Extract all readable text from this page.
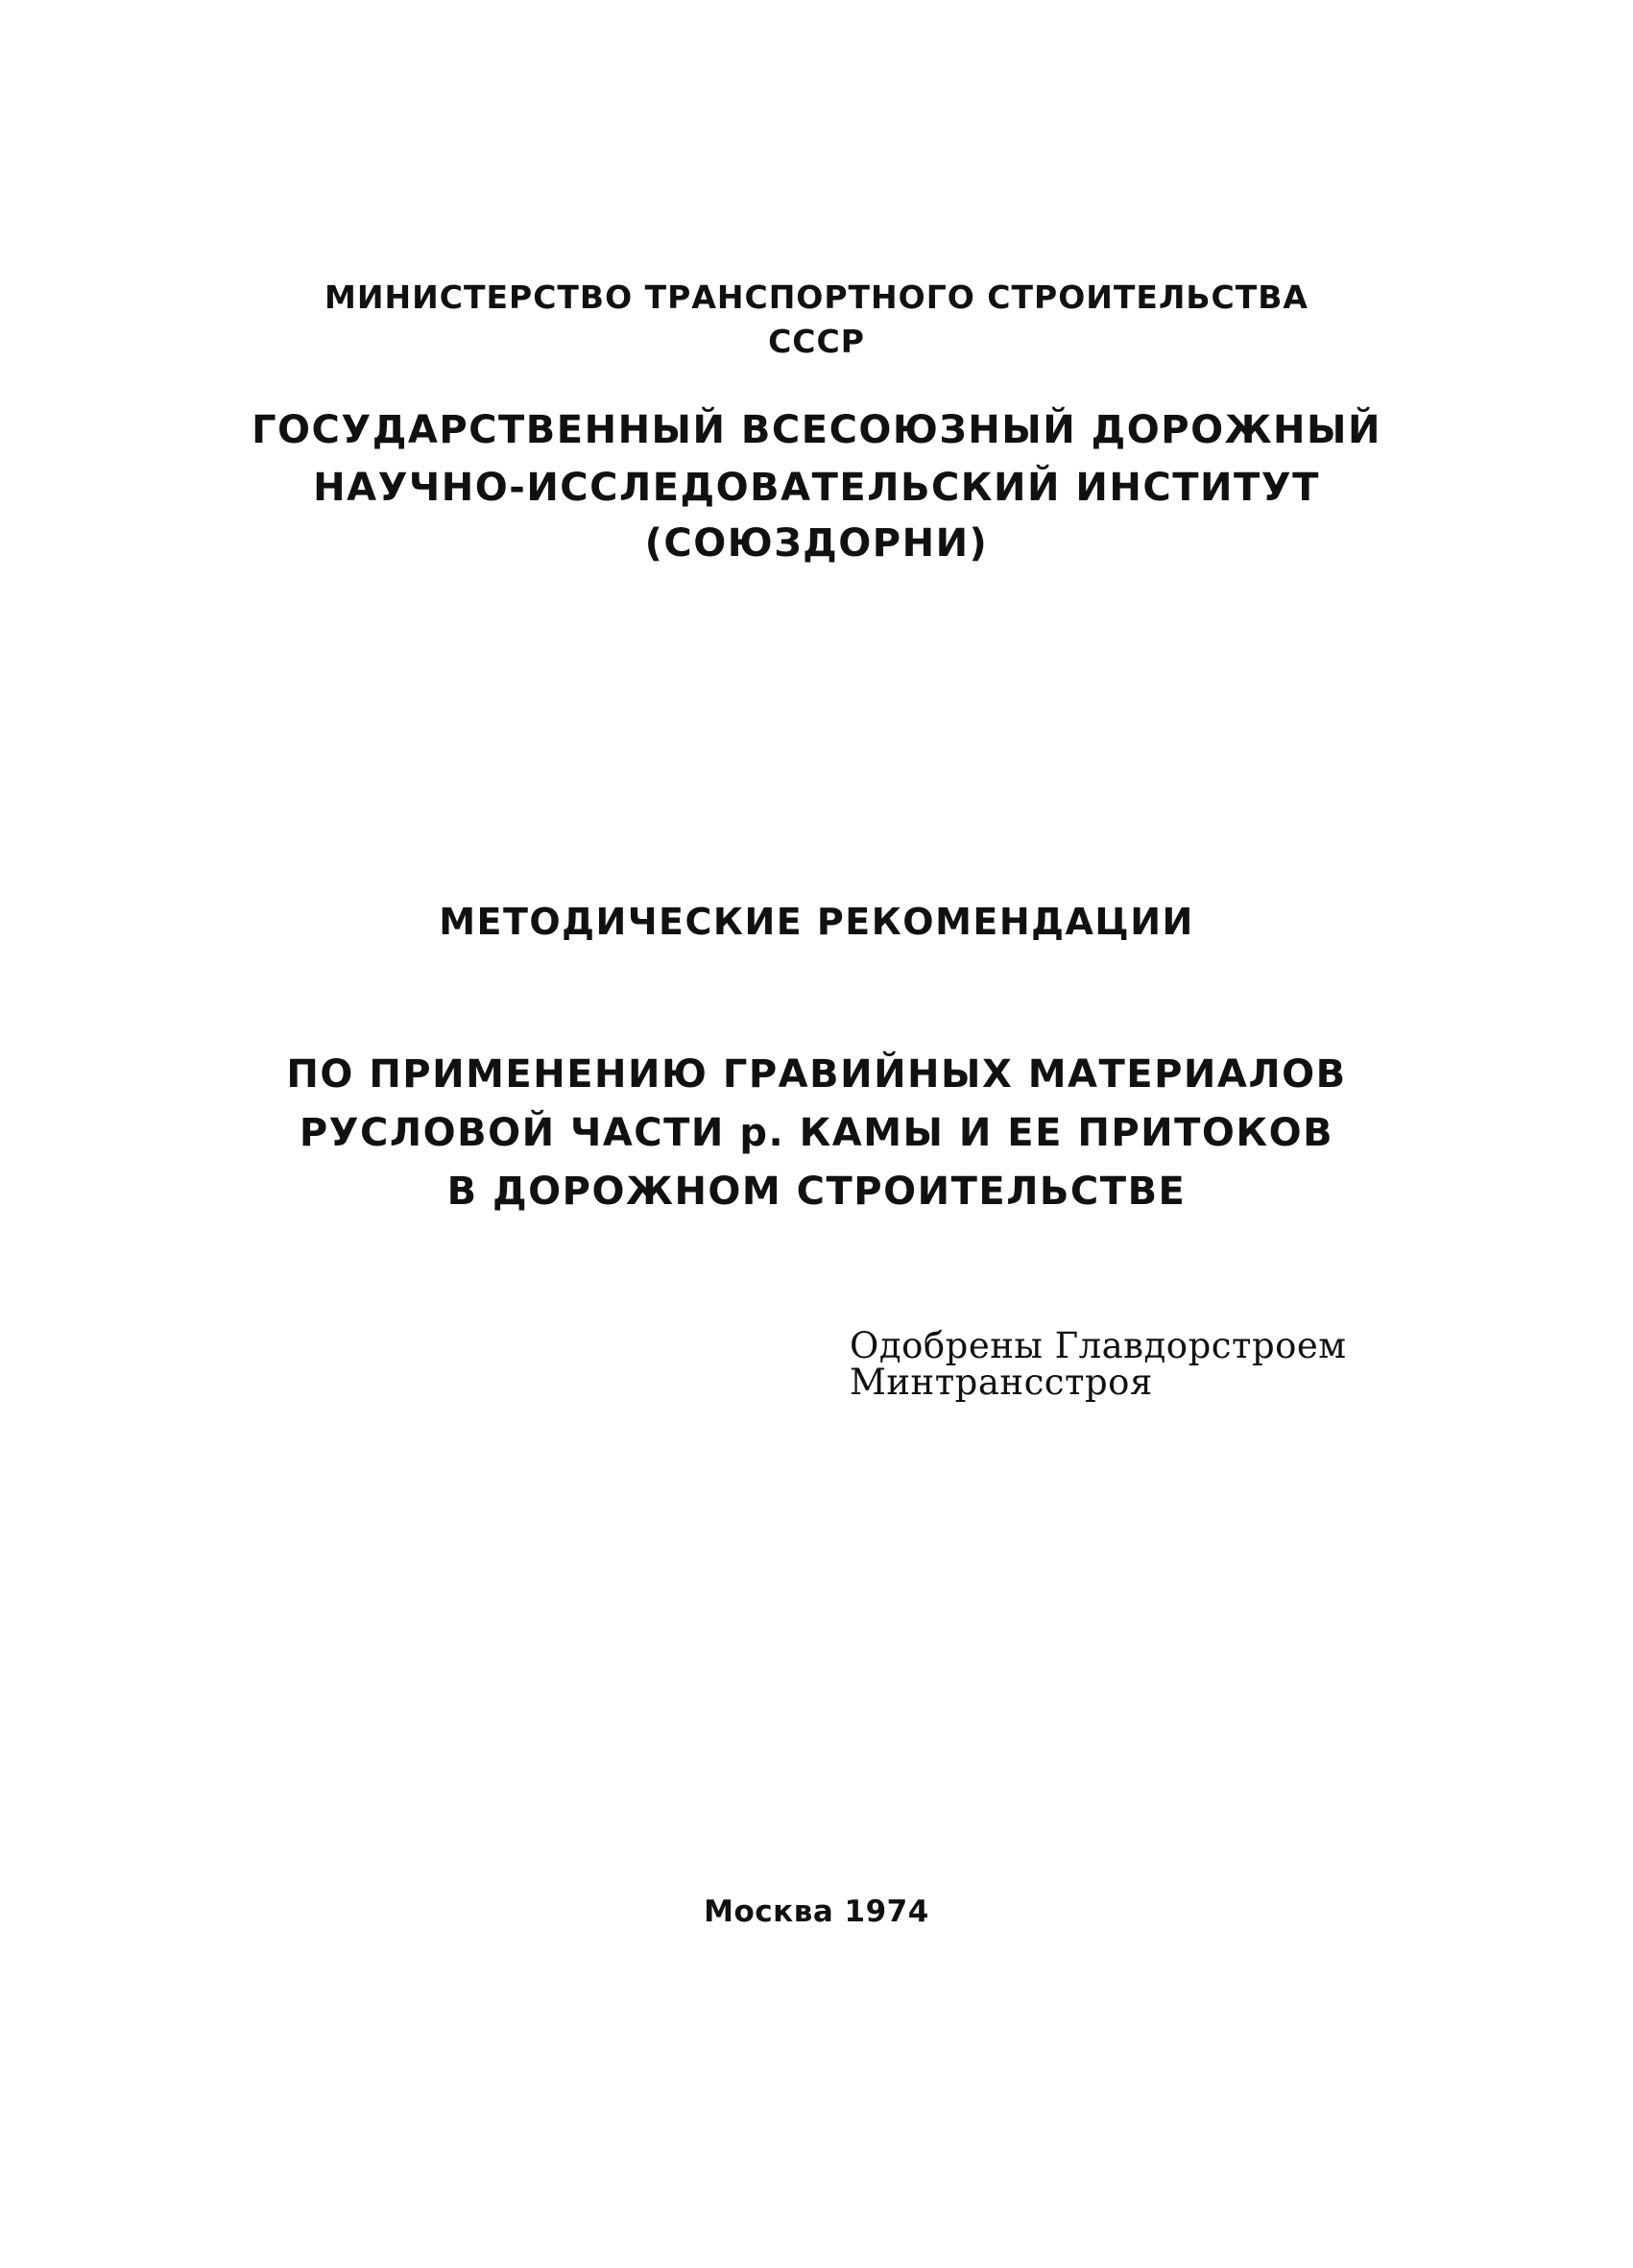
МИНИСТЕРСТВО ТРАНСПОРТНОГО СТРОИТЕЛЬСТВА
СССР
ГОСУДАРСТВЕННЫЙ ВСЕСОЮЗНЫЙ ДОРОЖНЫЙ
НАУЧНО-ИССЛЕДОВАТЕЛЬСКИЙ ИНСТИТУТ
(СОЮЗДОРНИ)
МЕТОДИЧЕСКИЕ РЕКОМЕНДАЦИИ
ПО ПРИМЕНЕНИЮ ГРАВИЙНЫХ МАТЕРИАЛОВ
РУСЛОВОЙ ЧАСТИ р. КАМЫ И ЕЕ ПРИТОКОВ
В ДОРОЖНОМ СТРОИТЕЛЬСТВЕ
Одобрены Главдорстроем
Минтрансстроя
Москва 1974
